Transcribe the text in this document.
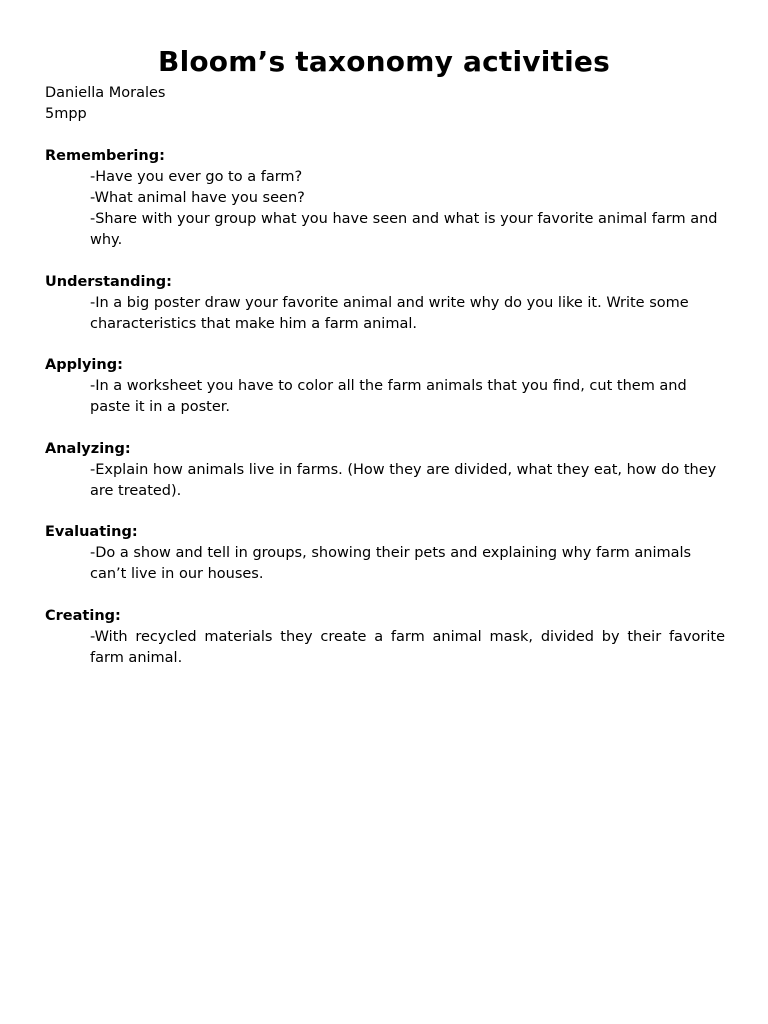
Bloom’s taxonomy activities
Daniella Morales
5mpp

Remembering:

-Have you ever go to a farm?
-What animal have you seen?
-Share with your group what you have seen and what is your favorite animal farm and why.

Understanding:

-In a big poster draw your favorite animal and write why do you like it. Write some characteristics that make him a farm animal.

Applying:

-In a worksheet you have to color all the farm animals that you find, cut them and paste it in a poster.

Analyzing:

-Explain how animals live in farms. (How they are divided, what they eat, how do they are treated).

Evaluating:

-Do a show and tell in groups, showing their pets and explaining why farm animals can’t live in our houses.

Creating:

-With recycled materials they create a farm animal mask, divided by their favorite farm animal.
